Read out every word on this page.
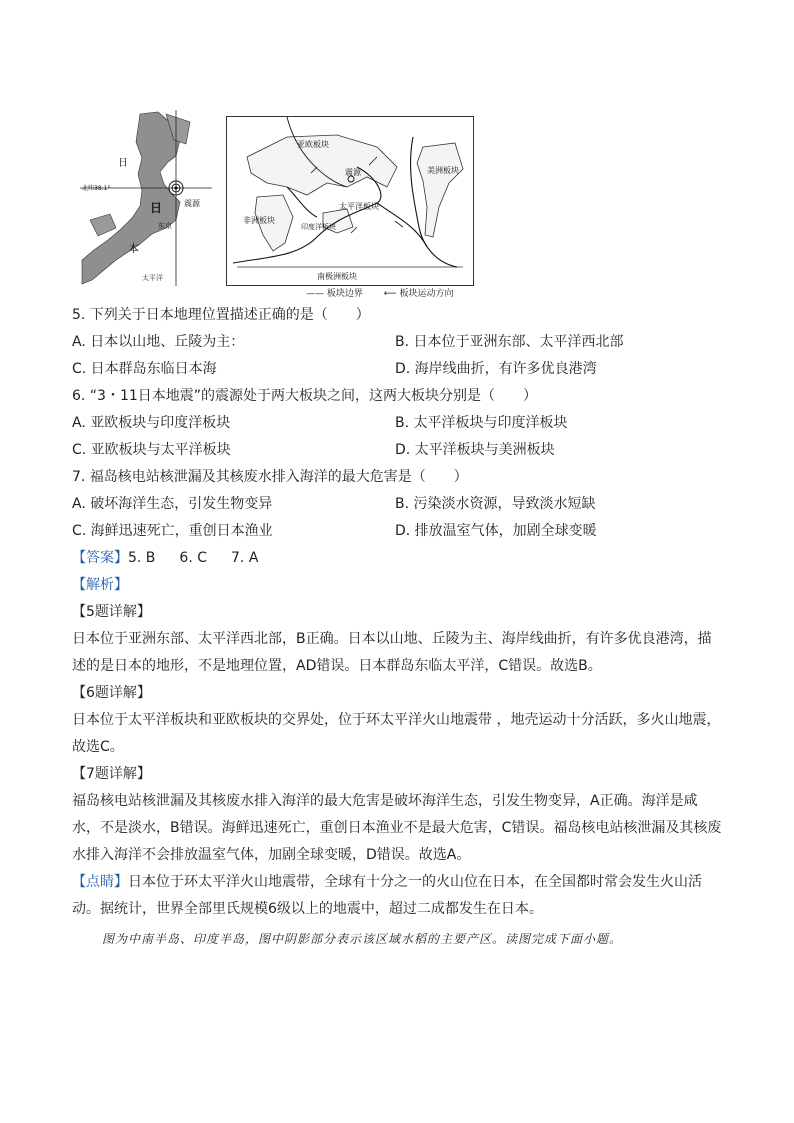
日
日
本
震源
北纬38.1°
东京
太平洋
亚欧板块
非洲板块
印度洋板块
太平洋板块
美洲板块
震源
南极洲板块
—— 板块边界 ⟵ 板块运动方向

5. 下列关于日本地理位置描述正确的是（　　）

A. 日本以山地、丘陵为主：	B. 日本位于亚洲东部、太平洋西北部
C. 日本群岛东临日本海	D. 海岸线曲折，有许多优良港湾

6. “3・11日本地震”的震源处于两大板块之间，这两大板块分别是（　　）

A. 亚欧板块与印度洋板块	B. 太平洋板块与印度洋板块
C. 亚欧板块与太平洋板块	D. 太平洋板块与美洲板块

7. 福岛核电站核泄漏及其核废水排入海洋的最大危害是（　　）

A. 破坏海洋生态，引发生物变异	B. 污染淡水资源，导致淡水短缺
C. 海鲜迅速死亡，重创日本渔业	D. 排放温室气体，加剧全球变暖

【答案】5. B 6. C 7. A

【解析】

【5题详解】

日本位于亚洲东部、太平洋西北部，B正确。日本以山地、丘陵为主、海岸线曲折，有许多优良港湾，描述的是日本的地形，不是地理位置，AD错误。日本群岛东临太平洋，C错误。故选B。

【6题详解】

日本位于太平洋板块和亚欧板块的交界处，位于环太平洋火山地震带 ，地壳运动十分活跃，多火山地震，故选C。

【7题详解】

福岛核电站核泄漏及其核废水排入海洋的最大危害是破坏海洋生态，引发生物变异，A正确。海洋是咸水，不是淡水，B错误。海鲜迅速死亡，重创日本渔业不是最大危害，C错误。福岛核电站核泄漏及其核废水排入海洋不会排放温室气体，加剧全球变暖，D错误。故选A。

【点睛】日本位于环太平洋火山地震带，全球有十分之一的火山位在日本，在全国都时常会发生火山活动。据统计，世界全部里氏规模6级以上的地震中，超过二成都发生在日本。

图为中南半岛、印度半岛，图中阴影部分表示该区域水稻的主要产区。读图完成下面小题。
